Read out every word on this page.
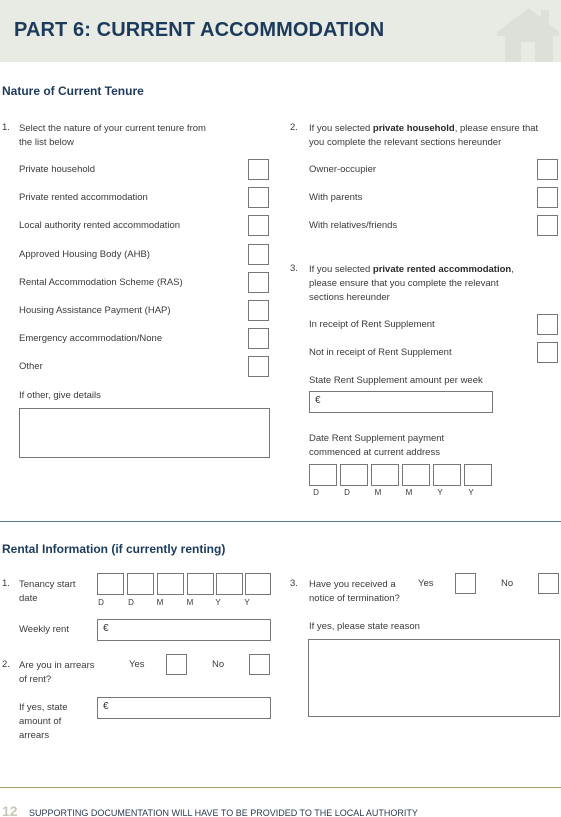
PART 6: CURRENT ACCOMMODATION
Nature of Current Tenure
1. Select the nature of your current tenure from
the list below
Private household
Private rented accommodation
Local authority rented accommodation
Approved Housing Body (AHB)
Rental Accommodation Scheme (RAS)
Housing Assistance Payment (HAP)
Emergency accommodation/None
Other
If other, give details
2. If you selected private household, please ensure that
you complete the relevant sections hereunder
Owner-occupier
With parents
With relatives/friends
3. If you selected private rented accommodation,
please ensure that you complete the relevant
sections hereunder
In receipt of Rent Supplement
Not in receipt of Rent Supplement
State Rent Supplement amount per week
€
Date Rent Supplement payment
commenced at current address
D	D	M	M	Y	Y
Rental Information (if currently renting)
1. Tenancy start
date	D	D	M	M	Y	Y
Weekly rent	€
2. Are you in arrears
of rent?
Yes	No
If yes, state
amount of
arrears
€
3. Have you received a
notice of termination?
Yes	No
If yes, please state reason
12 SUPPORTING DOCUMENTATION WILL HAVE TO BE PROVIDED TO THE LOCAL AUTHORITY
